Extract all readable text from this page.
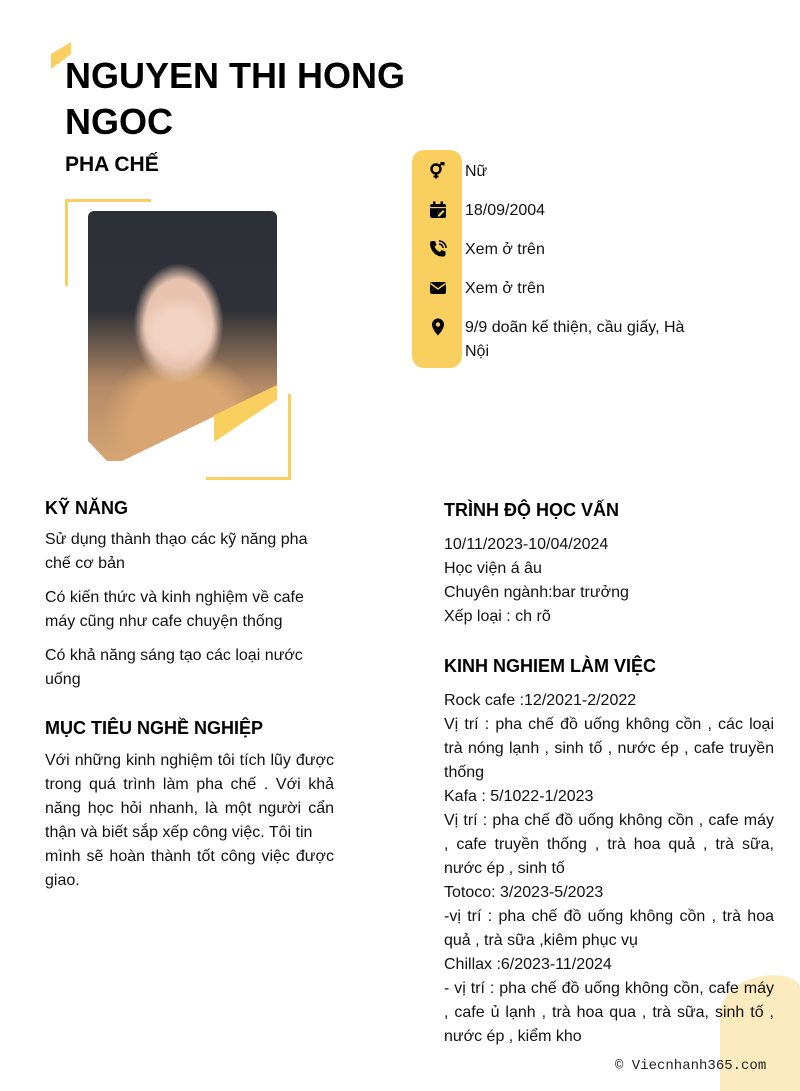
NGUYEN THI HONG NGOC
PHA CHẾ	Nữ
18/09/2004
Xem ở trên
Xem ở trên
9/9 doãn kế thiện, cầu giấy, Hà Nội
KỸ NĂNG
Sử dụng thành thạo các kỹ năng pha chế cơ bản
Có kiến thức và kinh nghiệm về cafe máy cũng như cafe chuyện thống
Có khả năng sáng tạo các loại nước uống
MỤC TIÊU NGHỀ NGHIỆP
Với những kinh nghiệm tôi tích lũy được trong quá trình làm pha chế . Với khả năng học hỏi nhanh, là một người cẩn thận và biết sắp xếp công việc. Tôi tin
mình sẽ hoàn thành tốt công việc được giao.
TRÌNH ĐỘ HỌC VẤN
10/11/2023-10/04/2024
Học viện á âu
Chuyên ngành:bar trưởng
Xếp loại : ch rõ
KINH NGHIEM LÀM VIỆC
Rock cafe :12/2021-2/2022
Vị trí : pha chế đồ uống không cồn , các loại trà nóng lạnh , sinh tố , nước ép , cafe truyền thống
Kafa : 5/1022-1/2023
Vị trí : pha chế đồ uống không cồn , cafe máy , cafe truyền thống , trà hoa quả , trà sữa, nước ép , sinh tố
Totoco: 3/2023-5/2023
-vị trí : pha chế đồ uống không cồn , trà hoa quả , trà sữa ,kiêm phục vụ
Chillax :6/2023-11/2024
- vị trí : pha chế đồ uống không cồn, cafe máy , cafe ủ lạnh , trà hoa qua , trà sữa, sinh tố , nước ép , kiểm kho
© Viecnhanh365.com
